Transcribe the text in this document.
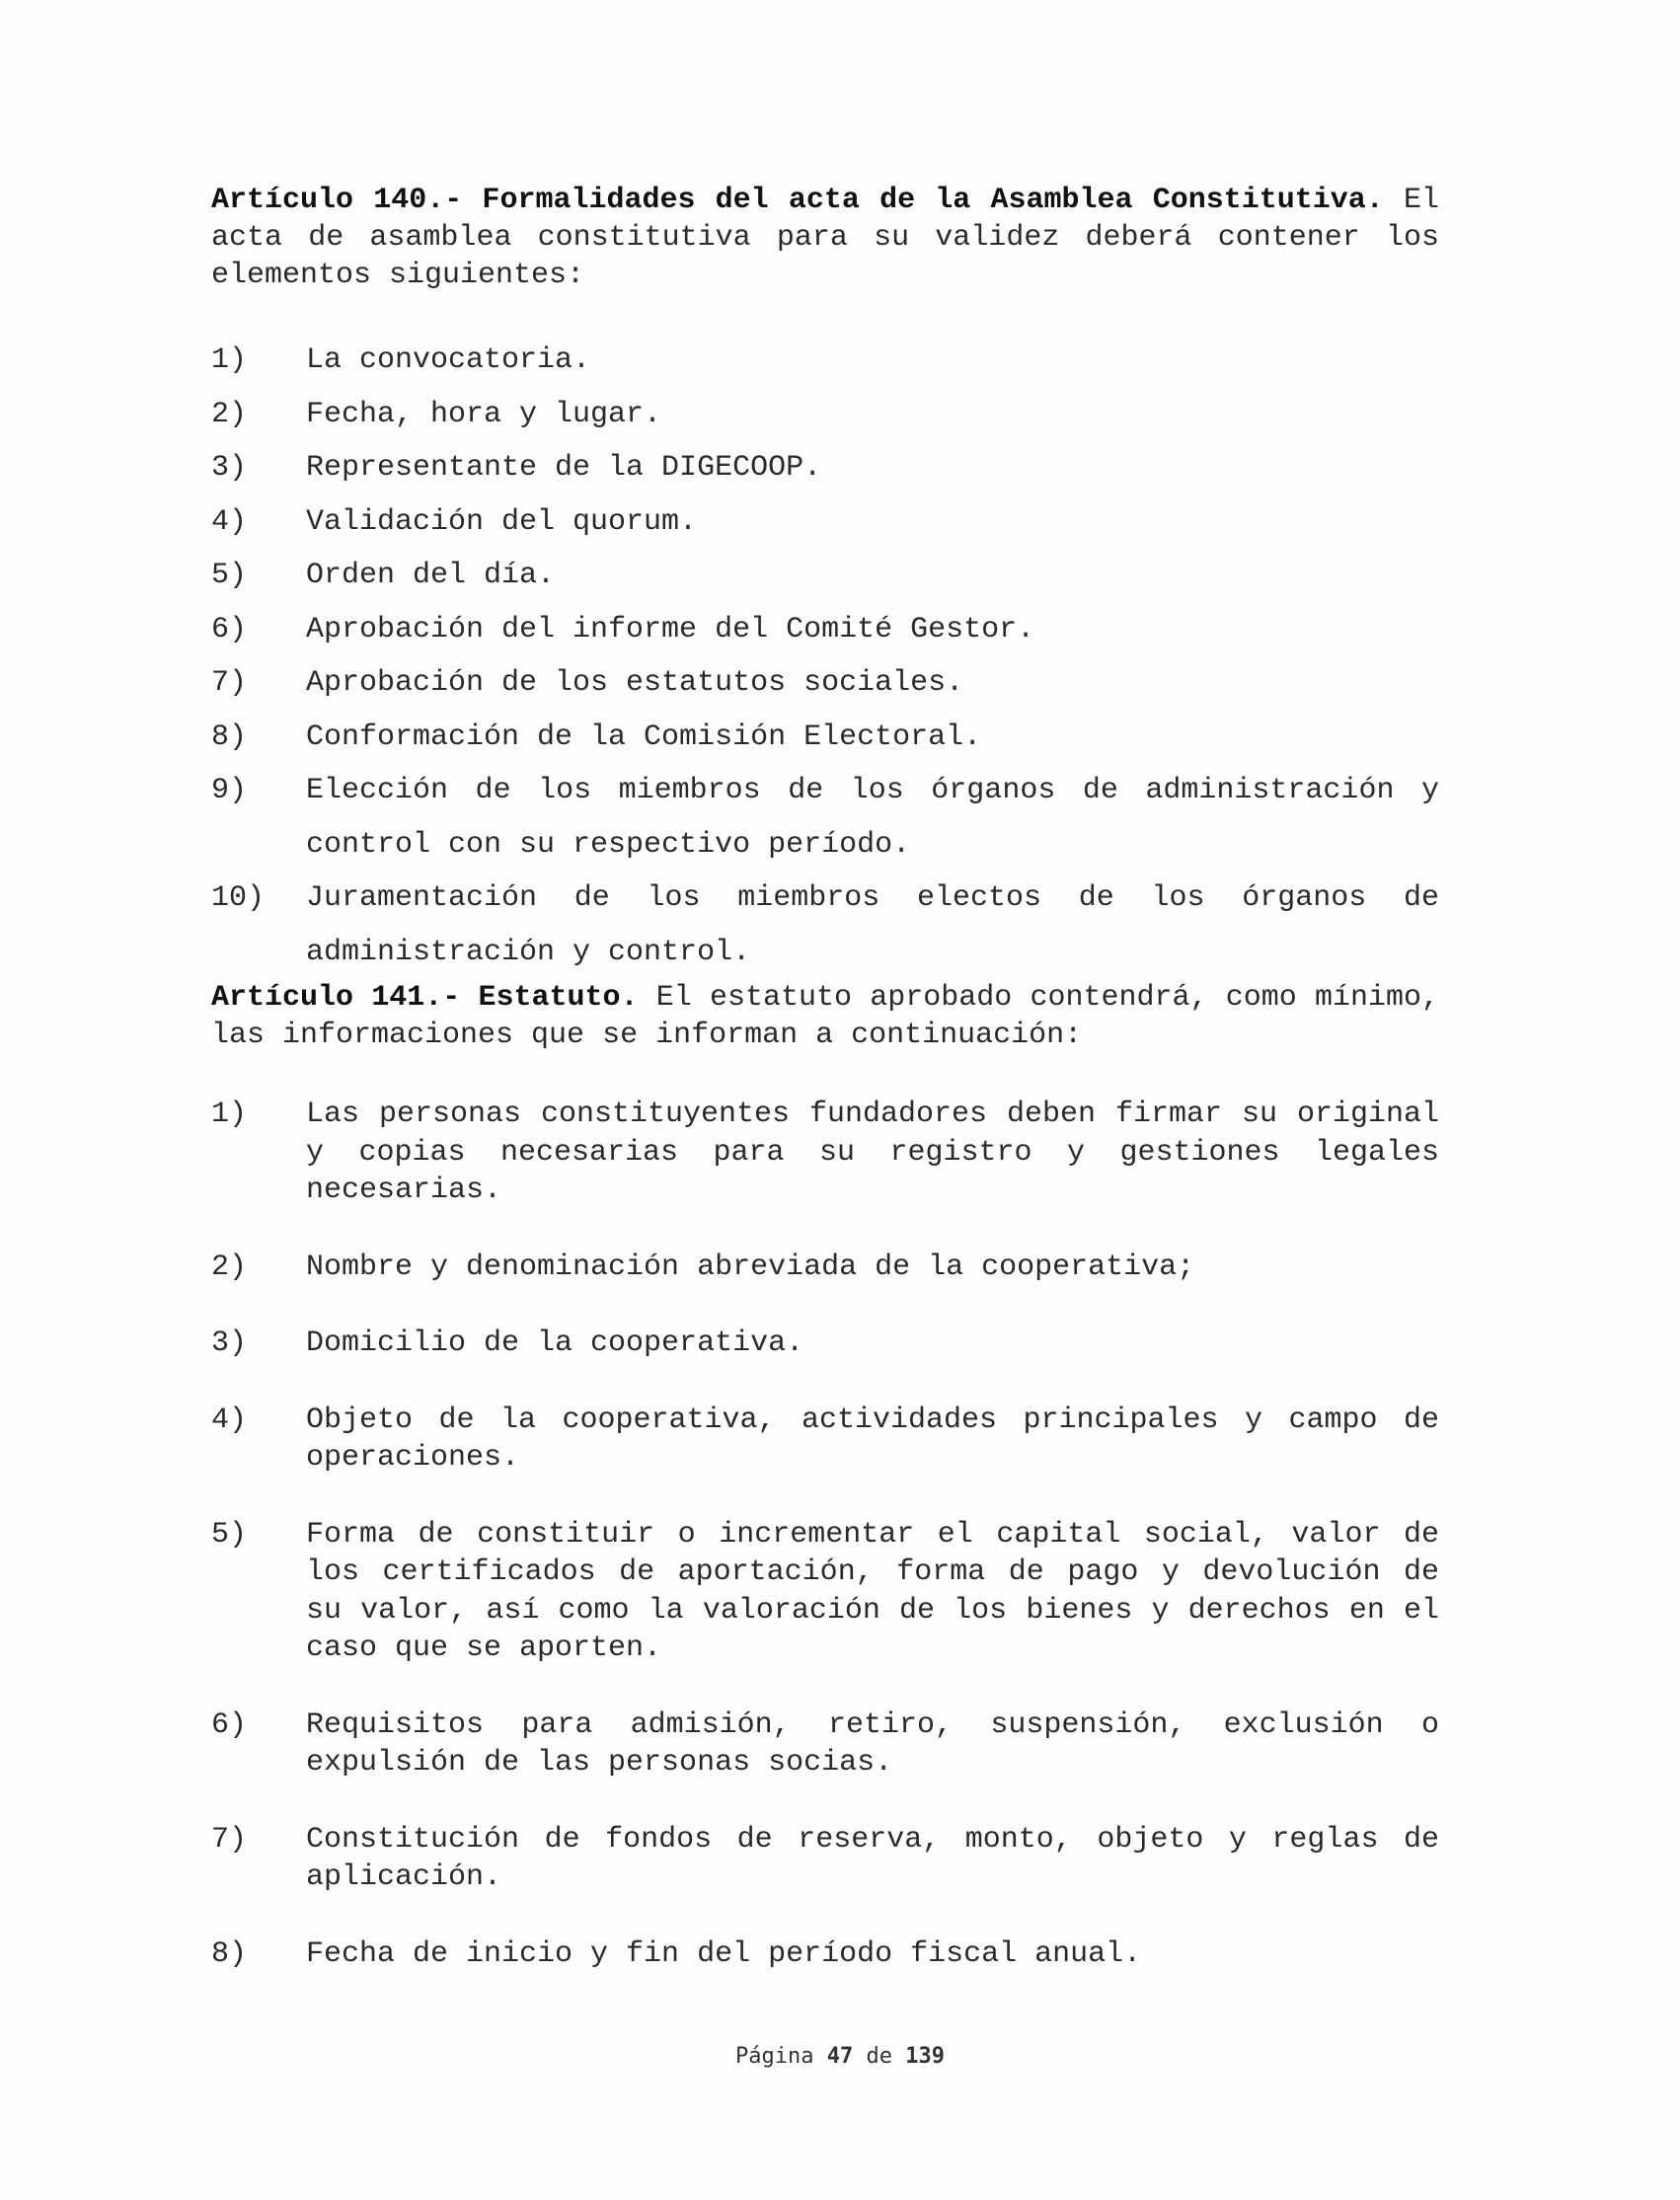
Artículo 140.- Formalidades del acta de la Asamblea Constitutiva. El acta de asamblea constitutiva para su validez deberá contener los elementos siguientes:
1)	La convocatoria.
2)	Fecha, hora y lugar.
3)	Representante de la DIGECOOP.
4)	Validación del quorum.
5)	Orden del día.
6)	Aprobación del informe del Comité Gestor.
7)	Aprobación de los estatutos sociales.
8)	Conformación de la Comisión Electoral.
9)	Elección de los miembros de los órganos de administración y control con su respectivo período.
10)	Juramentación de los miembros electos de los órganos de administración y control.
Artículo 141.- Estatuto. El estatuto aprobado contendrá, como mínimo, las informaciones que se informan a continuación:
1)	Las personas constituyentes fundadores deben firmar su original y copias necesarias para su registro y gestiones legales necesarias.
2)	Nombre y denominación abreviada de la cooperativa;
3)	Domicilio de la cooperativa.
4)	Objeto de la cooperativa, actividades principales y campo de operaciones.
5)	Forma de constituir o incrementar el capital social, valor de los certificados de aportación, forma de pago y devolución de su valor, así como la valoración de los bienes y derechos en el caso que se aporten.
6)	Requisitos para admisión, retiro, suspensión, exclusión o expulsión de las personas socias.
7)	Constitución de fondos de reserva, monto, objeto y reglas de aplicación.
8)	Fecha de inicio y fin del período fiscal anual.
Página 47 de 139
